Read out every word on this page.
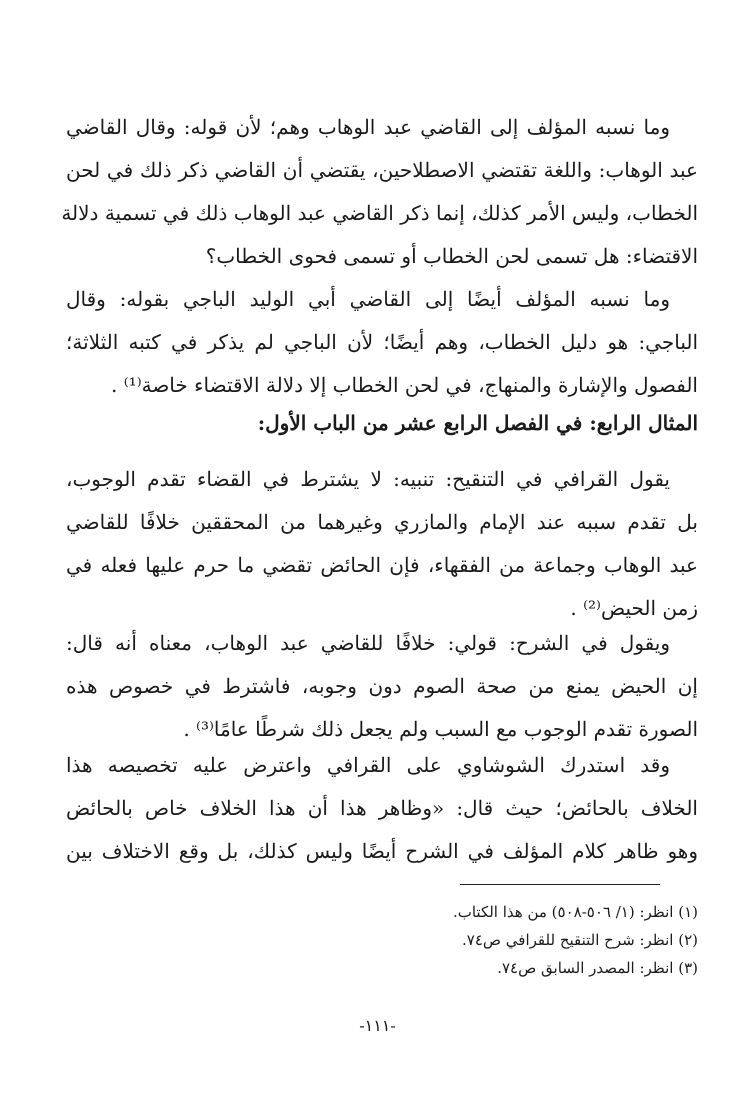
وما نسبه المؤلف إلى القاضي عبد الوهاب وهم؛ لأن قوله: وقال القاضي
عبد الوهاب: واللغة تقتضي الاصطلاحين، يقتضي أن القاضي ذكر ذلك في لحن
الخطاب، وليس الأمر كذلك، إنما ذكر القاضي عبد الوهاب ذلك في تسمية دلالة
الاقتضاء: هل تسمى لحن الخطاب أو تسمى فحوى الخطاب؟
وما نسبه المؤلف أيضًا إلى القاضي أبي الوليد الباجي بقوله: وقال
الباجي: هو دليل الخطاب، وهم أيضًا؛ لأن الباجي لم يذكر في كتبه الثلاثة؛
الفصول والإشارة والمنهاج، في لحن الخطاب إلا دلالة الاقتضاء خاصة⁽¹⁾ .
المثال الرابع: في الفصل الرابع عشر من الباب الأول:
يقول القرافي في التنقيح: تنبيه: لا يشترط في القضاء تقدم الوجوب،
بل تقدم سببه عند الإمام والمازري وغيرهما من المحققين خلافًا للقاضي
عبد الوهاب وجماعة من الفقهاء، فإن الحائض تقضي ما حرم عليها فعله في
زمن الحيض⁽²⁾ .
ويقول في الشرح: قولي: خلافًا للقاضي عبد الوهاب، معناه أنه قال:
إن الحيض يمنع من صحة الصوم دون وجوبه، فاشترط في خصوص هذه
الصورة تقدم الوجوب مع السبب ولم يجعل ذلك شرطًا عامًا⁽³⁾ .
وقد استدرك الشوشاوي على القرافي واعترض عليه تخصيصه هذا
الخلاف بالحائض؛ حيث قال: «وظاهر هذا أن هذا الخلاف خاص بالحائض
وهو ظاهر كلام المؤلف في الشرح أيضًا وليس كذلك، بل وقع الاختلاف بين
(١) انظر: (١/ ٥٠٦-٥٠٨) من هذا الكتاب.
(٢) انظر: شرح التنقيح للقرافي ص٧٤.
(٣) انظر: المصدر السابق ص٧٤.
-١١١-
